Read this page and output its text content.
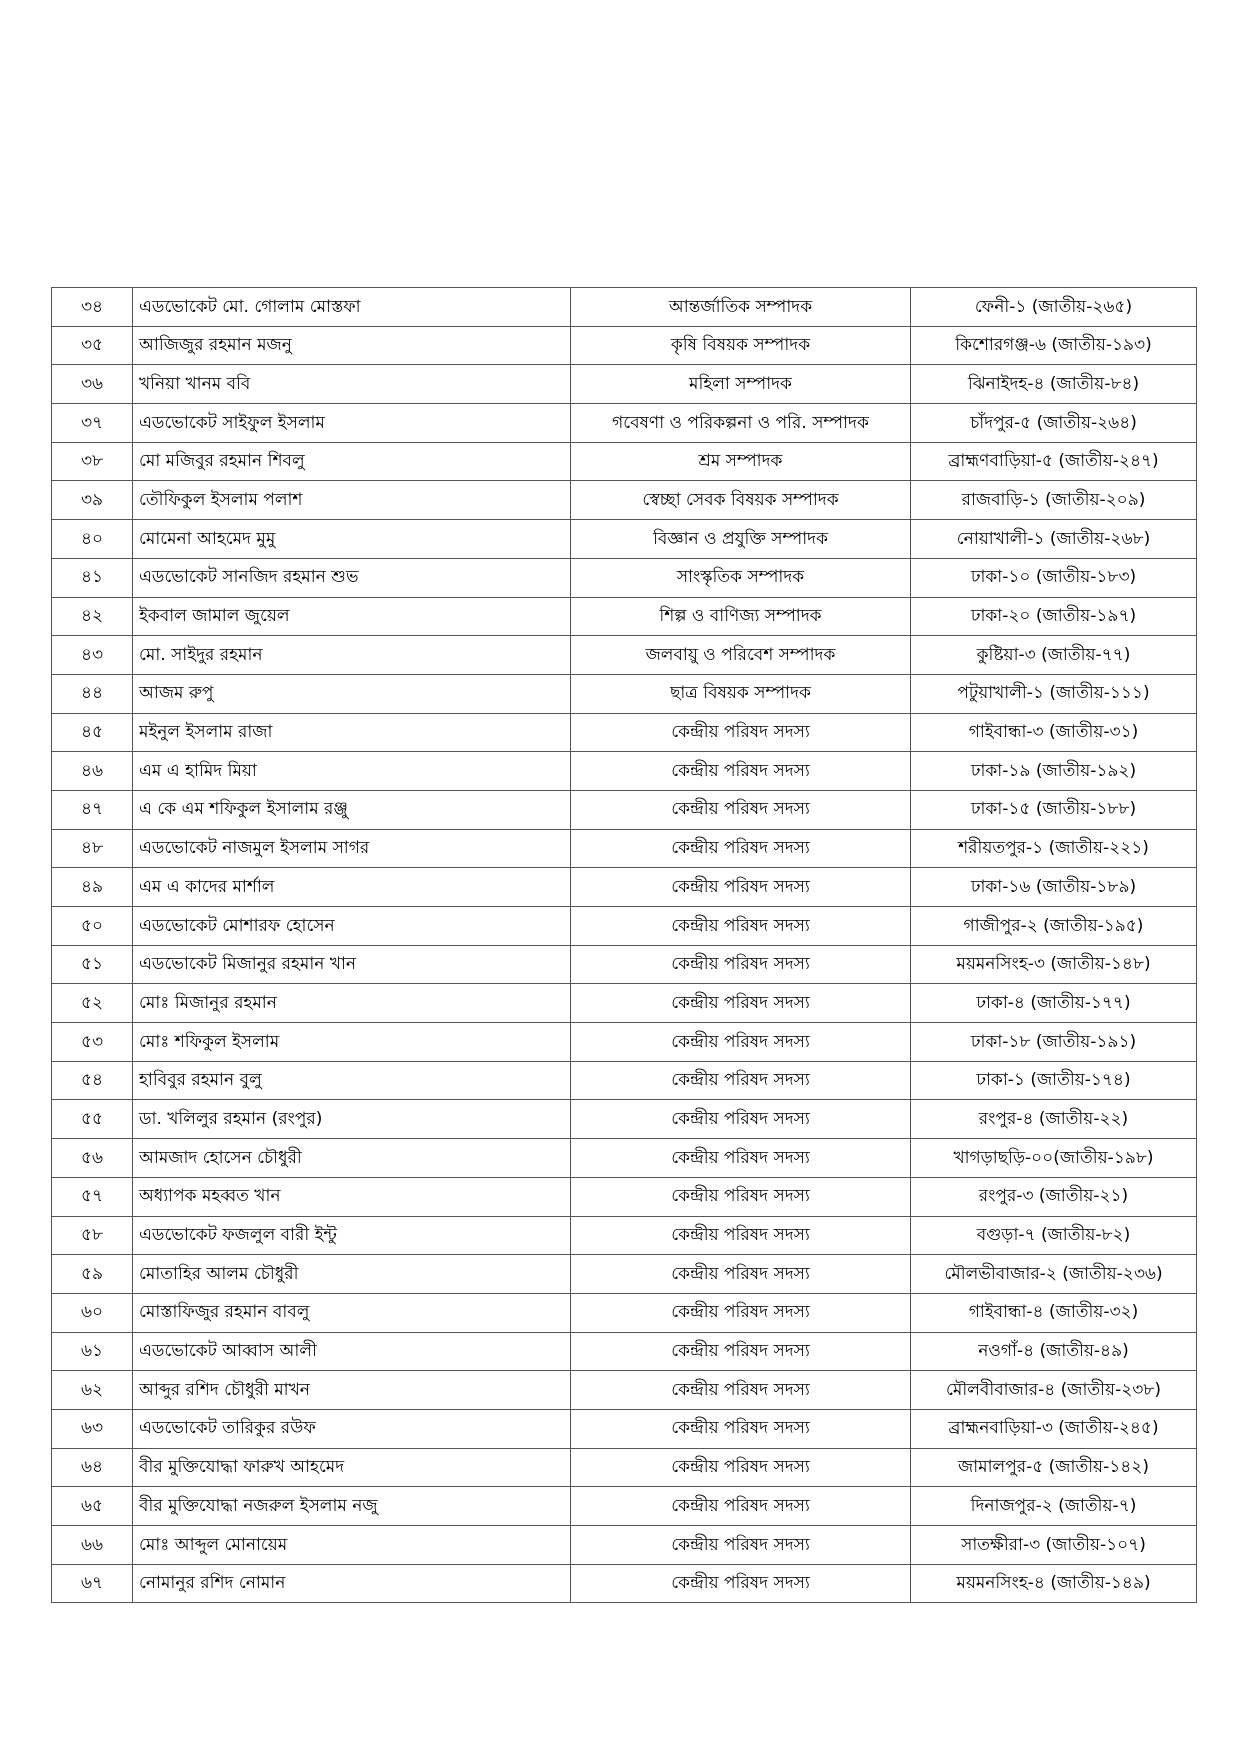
৩৪	এডভোকেট মো. গোলাম মোস্তফা	আন্তর্জাতিক সম্পাদক	ফেনী-১ (জাতীয়-২৬৫)
৩৫	আজিজুর রহমান মজনু	কৃষি বিষয়ক সম্পাদক	কিশোরগঞ্জ-৬ (জাতীয়-১৯৩)
৩৬	খনিয়া খানম ববি	মহিলা সম্পাদক	ঝিনাইদহ-৪ (জাতীয়-৮৪)
৩৭	এডভোকেট সাইফুল ইসলাম	গবেষণা ও পরিকল্পনা ও পরি. সম্পাদক	চাঁদপুর-৫ (জাতীয়-২৬৪)
৩৮	মো মজিবুর রহমান শিবলু	শ্রম সম্পাদক	ব্রাহ্মণবাড়িয়া-৫ (জাতীয়-২৪৭)
৩৯	তৌফিকুল ইসলাম পলাশ	স্বেচ্ছা সেবক বিষয়ক সম্পাদক	রাজবাড়ি-১ (জাতীয়-২০৯)
৪০	মোমেনা আহমেদ মুমু	বিজ্ঞান ও প্রযুক্তি সম্পাদক	নোয়াখালী-১ (জাতীয়-২৬৮)
৪১	এডভোকেট সানজিদ রহমান শুভ	সাংস্কৃতিক সম্পাদক	ঢাকা-১০ (জাতীয়-১৮৩)
৪২	ইকবাল জামাল জুয়েল	শিল্প ও বাণিজ্য সম্পাদক	ঢাকা-২০ (জাতীয়-১৯৭)
৪৩	মো. সাইদুর রহমান	জলবায়ু ও পরিবেশ সম্পাদক	কুষ্টিয়া-৩ (জাতীয়-৭৭)
৪৪	আজম রুপু	ছাত্র বিষয়ক সম্পাদক	পটুয়াখালী-১ (জাতীয়-১১১)
৪৫	মইনুল ইসলাম রাজা	কেন্দ্রীয় পরিষদ সদস্য	গাইবান্ধা-৩ (জাতীয়-৩১)
৪৬	এম এ হামিদ মিয়া	কেন্দ্রীয় পরিষদ সদস্য	ঢাকা-১৯ (জাতীয়-১৯২)
৪৭	এ কে এম শফিকুল ইসালাম রঞ্জু	কেন্দ্রীয় পরিষদ সদস্য	ঢাকা-১৫ (জাতীয়-১৮৮)
৪৮	এডভোকেট নাজমুল ইসলাম সাগর	কেন্দ্রীয় পরিষদ সদস্য	শরীয়তপুর-১ (জাতীয়-২২১)
৪৯	এম এ কাদের মার্শাল	কেন্দ্রীয় পরিষদ সদস্য	ঢাকা-১৬ (জাতীয়-১৮৯)
৫০	এডভোকেট মোশারফ হোসেন	কেন্দ্রীয় পরিষদ সদস্য	গাজীপুর-২ (জাতীয়-১৯৫)
৫১	এডভোকেট মিজানুর রহমান খান	কেন্দ্রীয় পরিষদ সদস্য	ময়মনসিংহ-৩ (জাতীয়-১৪৮)
৫২	মোঃ মিজানুর রহমান	কেন্দ্রীয় পরিষদ সদস্য	ঢাকা-৪ (জাতীয়-১৭৭)
৫৩	মোঃ শফিকুল ইসলাম	কেন্দ্রীয় পরিষদ সদস্য	ঢাকা-১৮ (জাতীয়-১৯১)
৫৪	হাবিবুর রহমান বুলু	কেন্দ্রীয় পরিষদ সদস্য	ঢাকা-১ (জাতীয়-১৭৪)
৫৫	ডা. খলিলুর রহমান (রংপুর)	কেন্দ্রীয় পরিষদ সদস্য	রংপুর-৪ (জাতীয়-২২)
৫৬	আমজাদ হোসেন চৌধুরী	কেন্দ্রীয় পরিষদ সদস্য	খাগড়াছড়ি-০০(জাতীয়-১৯৮)
৫৭	অধ্যাপক মহব্বত খান	কেন্দ্রীয় পরিষদ সদস্য	রংপুর-৩ (জাতীয়-২১)
৫৮	এডভোকেট ফজলুল বারী ইন্টু	কেন্দ্রীয় পরিষদ সদস্য	বগুড়া-৭ (জাতীয়-৮২)
৫৯	মোতাহির আলম চৌধুরী	কেন্দ্রীয় পরিষদ সদস্য	মৌলভীবাজার-২ (জাতীয়-২৩৬)
৬০	মোস্তাফিজুর রহমান বাবলু	কেন্দ্রীয় পরিষদ সদস্য	গাইবান্ধা-৪ (জাতীয়-৩২)
৬১	এডভোকেট আব্বাস আলী	কেন্দ্রীয় পরিষদ সদস্য	নওগাঁ-৪ (জাতীয়-৪৯)
৬২	আব্দুর রশিদ চৌধুরী মাখন	কেন্দ্রীয় পরিষদ সদস্য	মৌলবীবাজার-৪ (জাতীয়-২৩৮)
৬৩	এডভোকেট তারিকুর রউফ	কেন্দ্রীয় পরিষদ সদস্য	ব্রাহ্মনবাড়িয়া-৩ (জাতীয়-২৪৫)
৬৪	বীর মুক্তিযোদ্ধা ফারুখ আহমেদ	কেন্দ্রীয় পরিষদ সদস্য	জামালপুর-৫ (জাতীয়-১৪২)
৬৫	বীর মুক্তিযোদ্ধা নজরুল ইসলাম নজু	কেন্দ্রীয় পরিষদ সদস্য	দিনাজপুর-২ (জাতীয়-৭)
৬৬	মোঃ আব্দুল মোনায়েম	কেন্দ্রীয় পরিষদ সদস্য	সাতক্ষীরা-৩ (জাতীয়-১০৭)
৬৭	নোমানুর রশিদ নোমান	কেন্দ্রীয় পরিষদ সদস্য	ময়মনসিংহ-৪ (জাতীয়-১৪৯)
